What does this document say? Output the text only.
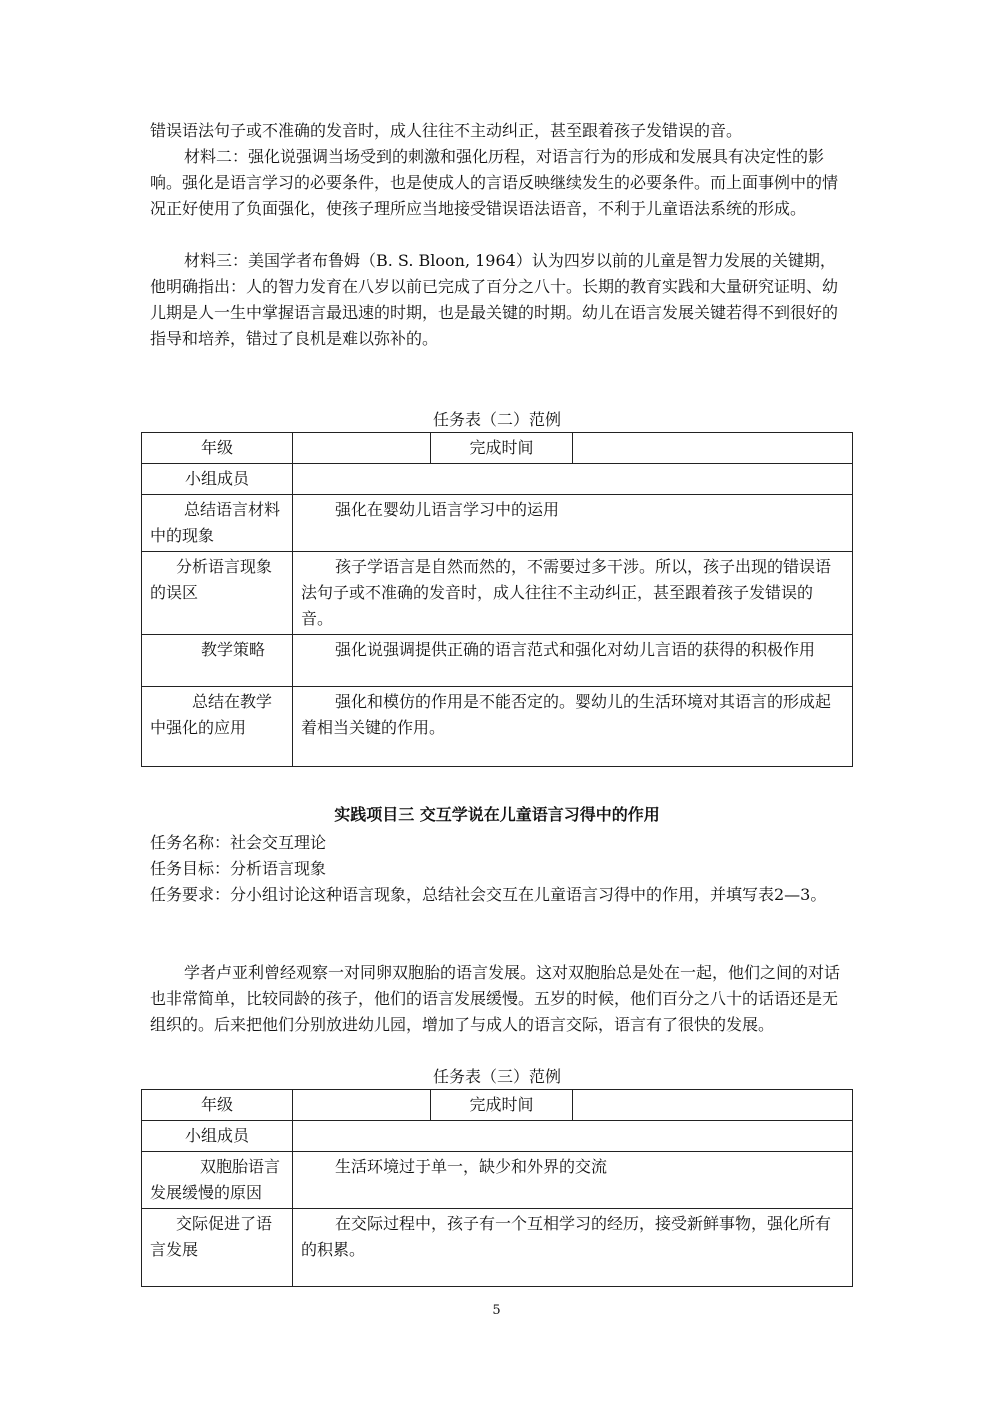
错误语法句子或不准确的发音时，成人往往不主动纠正，甚至跟着孩子发错误的音。

材料二：强化说强调当场受到的刺激和强化历程，对语言行为的形成和发展具有决定性的影响。强化是语言学习的必要条件，也是使成人的言语反映继续发生的必要条件。而上面事例中的情况正好使用了负面强化，使孩子理所应当地接受错误语法语音，不利于儿童语法系统的形成。

材料三：美国学者布鲁姆（B. S. Bloon, 1964）认为四岁以前的儿童是智力发展的关键期，他明确指出：人的智力发育在八岁以前已完成了百分之八十。长期的教育实践和大量研究证明、幼儿期是人一生中掌握语言最迅速的时期，也是最关键的时期。幼儿在语言发展关键若得不到很好的指导和培养，错过了良机是难以弥补的。

任务表（二）范例
年级		完成时间	
小组成员			
总结语言材料中的现象	强化在婴幼儿语言学习中的运用		
分析语言现象的误区	孩子学语言是自然而然的，不需要过多干涉。所以，孩子出现的错误语法句子或不准确的发音时，成人往往不主动纠正，甚至跟着孩子发错误的音。		
教学策略	强化说强调提供正确的语言范式和强化对幼儿言语的获得的积极作用		
总结在教学中强化的应用	强化和模仿的作用是不能否定的。婴幼儿的生活环境对其语言的形成起着相当关键的作用。		
实践项目三 交互学说在儿童语言习得中的作用

任务名称：社会交互理论

任务目标：分析语言现象

任务要求：分小组讨论这种语言现象，总结社会交互在儿童语言习得中的作用，并填写表2—3。

学者卢亚利曾经观察一对同卵双胞胎的语言发展。这对双胞胎总是处在一起，他们之间的对话也非常简单，比较同龄的孩子，他们的语言发展缓慢。五岁的时候，他们百分之八十的话语还是无组织的。后来把他们分别放进幼儿园，增加了与成人的语言交际，语言有了很快的发展。

任务表（三）范例
年级		完成时间	
小组成员			
双胞胎语言发展缓慢的原因	生活环境过于单一，缺少和外界的交流		
交际促进了语言发展	在交际过程中，孩子有一个互相学习的经历，接受新鲜事物，强化所有的积累。		
5
